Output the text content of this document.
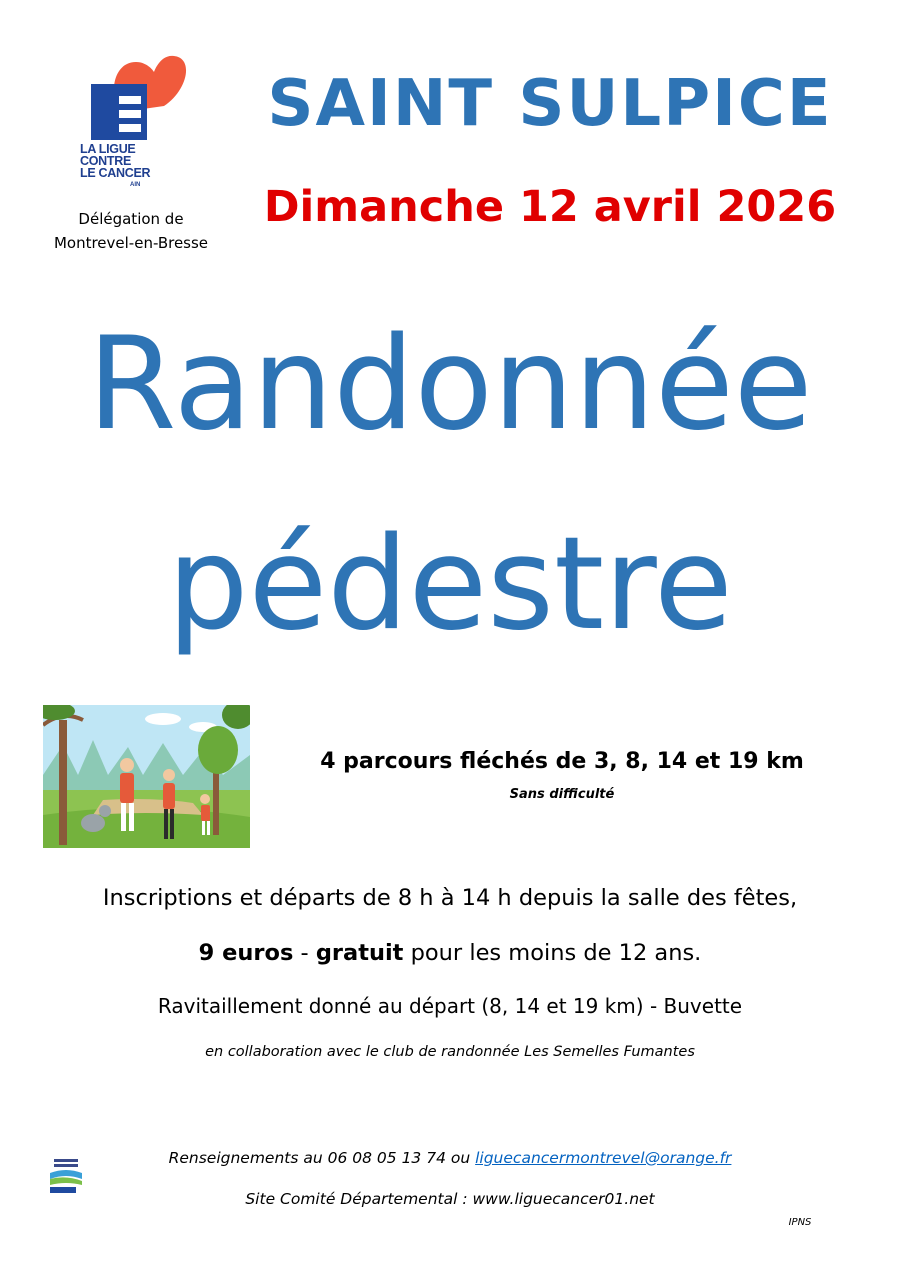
LA LIGUE
CONTRE
LE CANCER
AIN
Délégation de
Montrevel-en-Bresse
SAINT SULPICE
Dimanche 12 avril 2026
Randonnée
pédestre
4 parcours fléchés de 3, 8, 14 et 19 km
Sans difficulté
Inscriptions et départs de 8 h à 14 h depuis la salle des fêtes,
9 euros - gratuit pour les moins de 12 ans.
Ravitaillement donné au départ (8, 14 et 19 km) - Buvette
en collaboration avec le club de randonnée Les Semelles Fumantes
Renseignements au 06 08 05 13 74 ou liguecancermontrevel@orange.fr
Site Comité Départemental : www.liguecancer01.net
IPNS
